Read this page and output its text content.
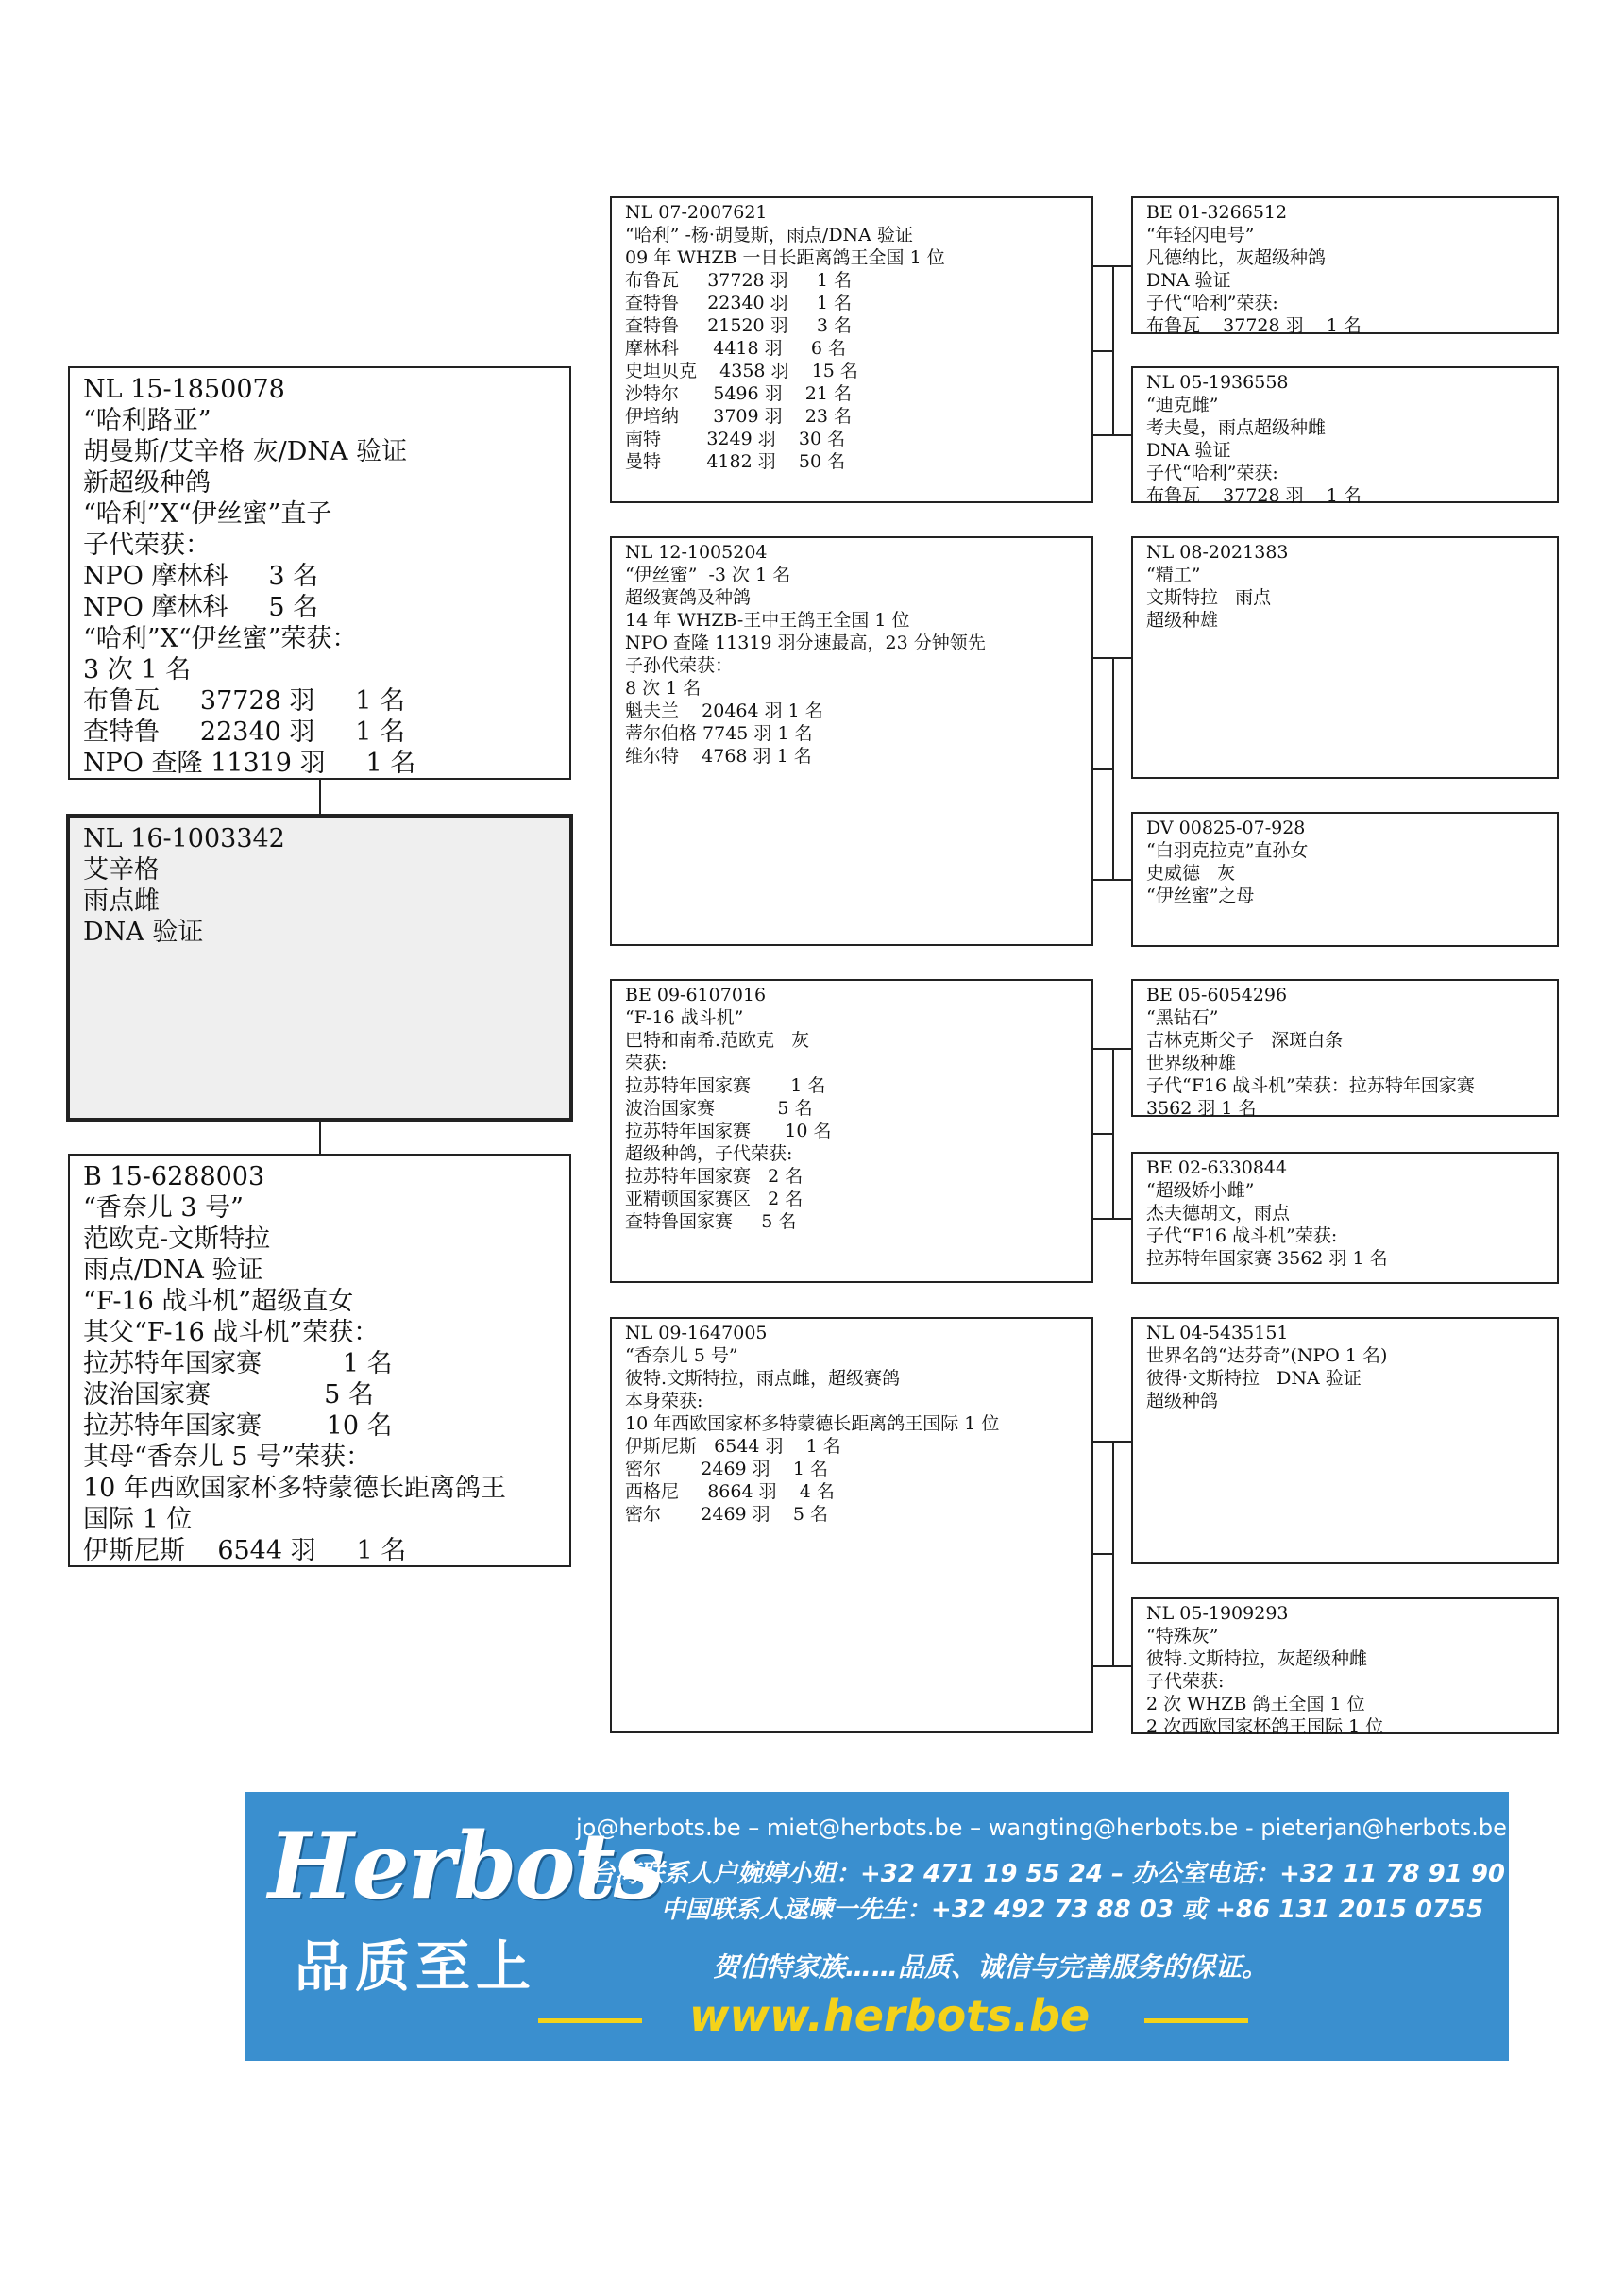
NL 15-1850078
“哈利路亚”
胡曼斯/艾辛格 灰/DNA 验证
新超级种鸽
“哈利”X“伊丝蜜”直子
子代荣获：
NPO 摩林科     3 名
NPO 摩林科     5 名
“哈利”X“伊丝蜜”荣获：
3 次 1 名
布鲁瓦     37728 羽     1 名
查特鲁     22340 羽     1 名
NPO 查隆 11319 羽     1 名
NL 16-1003342
艾辛格
雨点雌
DNA 验证
B 15-6288003
“香奈儿 3 号”
范欧克-文斯特拉
雨点/DNA 验证
“F-16 战斗机”超级直女
其父“F-16 战斗机”荣获：
拉苏特年国家赛          1 名
波治国家赛              5 名
拉苏特年国家赛        10 名
其母“香奈儿 5 号”荣获：
10 年西欧国家杯多特蒙德长距离鸽王
国际 1 位
伊斯尼斯    6544 羽     1 名
NL 07-2007621
“哈利” -杨·胡曼斯，雨点/DNA 验证
09 年 WHZB 一日长距离鸽王全国 1 位
布鲁瓦     37728 羽     1 名
查特鲁     22340 羽     1 名
查特鲁     21520 羽     3 名
摩林科      4418 羽     6 名
史坦贝克    4358 羽    15 名
沙特尔      5496 羽    21 名
伊培纳      3709 羽    23 名
南特        3249 羽    30 名
曼特        4182 羽    50 名
NL 12-1005204
“伊丝蜜”  -3 次 1 名
超级赛鸽及种鸽
14 年 WHZB-王中王鸽王全国 1 位
NPO 查隆 11319 羽分速最高，23 分钟领先
子孙代荣获：
8 次 1 名
魁夫兰    20464 羽 1 名
蒂尔伯格 7745 羽 1 名
维尔特    4768 羽 1 名
BE 09-6107016
“F-16 战斗机”
巴特和南希.范欧克   灰
荣获:
拉苏特年国家赛       1 名
波治国家赛           5 名
拉苏特年国家赛      10 名
超级种鸽，子代荣获:
拉苏特年国家赛   2 名
亚精顿国家赛区   2 名
查特鲁国家赛     5 名
NL 09-1647005
“香奈儿 5 号”
彼特.文斯特拉，雨点雌，超级赛鸽
本身荣获:
10 年西欧国家杯多特蒙德长距离鸽王国际 1 位
伊斯尼斯   6544 羽    1 名
密尔       2469 羽    1 名
西格尼     8664 羽    4 名
密尔       2469 羽    5 名
BE 01-3266512
“年轻闪电号”
凡德纳比，灰超级种鸽
DNA 验证
子代“哈利”荣获:
布鲁瓦    37728 羽    1 名
NL 05-1936558
“迪克雌”
考夫曼，雨点超级种雌
DNA 验证
子代“哈利”荣获:
布鲁瓦    37728 羽    1 名
NL 08-2021383
“精工”
文斯特拉   雨点
超级种雄
DV 00825-07-928
“白羽克拉克”直孙女
史威德   灰
“伊丝蜜”之母
BE 05-6054296
“黑钻石”
吉林克斯父子   深斑白条
世界级种雄
子代“F16 战斗机”荣获：拉苏特年国家赛
3562 羽 1 名
BE 02-6330844
“超级娇小雌”
杰夫德胡文，雨点
子代“F16 战斗机”荣获:
拉苏特年国家赛 3562 羽 1 名
NL 04-5435151
世界名鸽“达芬奇”(NPO 1 名)
彼得·文斯特拉   DNA 验证
超级种鸽
NL 05-1909293
“特殊灰”
彼特.文斯特拉，灰超级种雌
子代荣获:
2 次 WHZB 鸽王全国 1 位
2 次西欧国家杯鸽王国际 1 位
Herbots
品质至上
jo@herbots.be – miet@herbots.be – wangting@herbots.be - pieterjan@herbots.be
台湾联系人户婉婷小姐：+32 471 19 55 24 – 办公室电话：+32 11 78 91 90
中国联系人逯暕一先生：+32 492 73 88 03 或 +86 131 2015 0755
贺伯特家族……品质、诚信与完善服务的保证。
www.herbots.be
